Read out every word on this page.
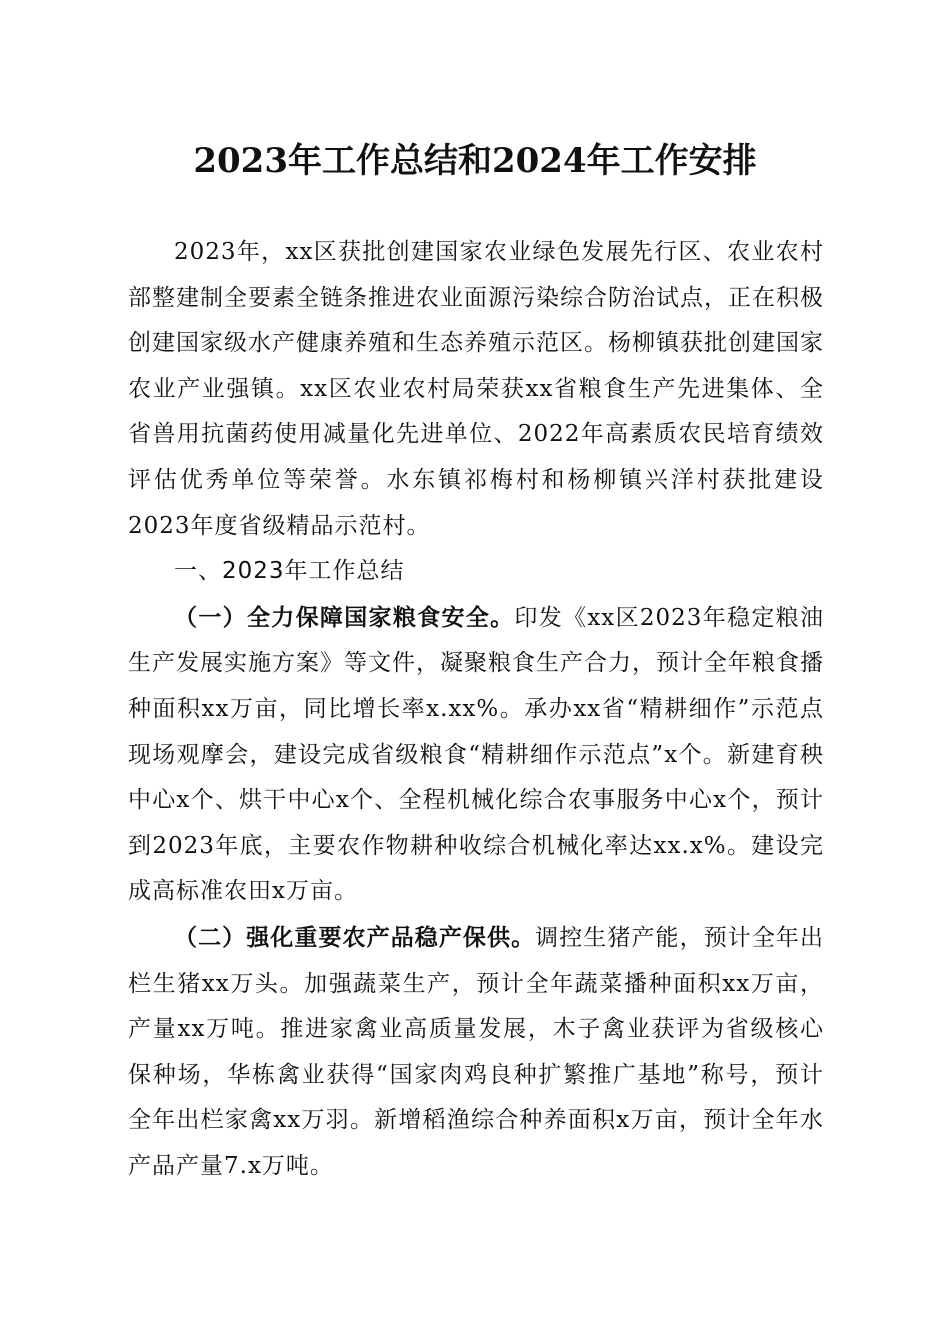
2023年工作总结和2024年工作安排

2023年，xx区获批创建国家农业绿色发展先行区、农业农村部整建制全要素全链条推进农业面源污染综合防治试点，正在积极创建国家级水产健康养殖和生态养殖示范区。杨柳镇获批创建国家农业产业强镇。xx区农业农村局荣获xx省粮食生产先进集体、全省兽用抗菌药使用减量化先进单位、2022年高素质农民培育绩效评估优秀单位等荣誉。水东镇祁梅村和杨柳镇兴洋村获批建设2023年度省级精品示范村。

一、2023年工作总结

（一）全力保障国家粮食安全。印发《xx区2023年稳定粮油生产发展实施方案》等文件，凝聚粮食生产合力，预计全年粮食播种面积xx万亩，同比增长率x.xx%。承办xx省“精耕细作”示范点现场观摩会，建设完成省级粮食“精耕细作示范点”x个。新建育秧中心x个、烘干中心x个、全程机械化综合农事服务中心x个，预计到2023年底，主要农作物耕种收综合机械化率达xx.x%。建设完成高标准农田x万亩。

（二）强化重要农产品稳产保供。调控生猪产能，预计全年出栏生猪xx万头。加强蔬菜生产，预计全年蔬菜播种面积xx万亩，产量xx万吨。推进家禽业高质量发展，木子禽业获评为省级核心保种场，华栋禽业获得“国家肉鸡良种扩繁推广基地”称号，预计全年出栏家禽xx万羽。新增稻渔综合种养面积x万亩，预计全年水产品产量7.x万吨。
